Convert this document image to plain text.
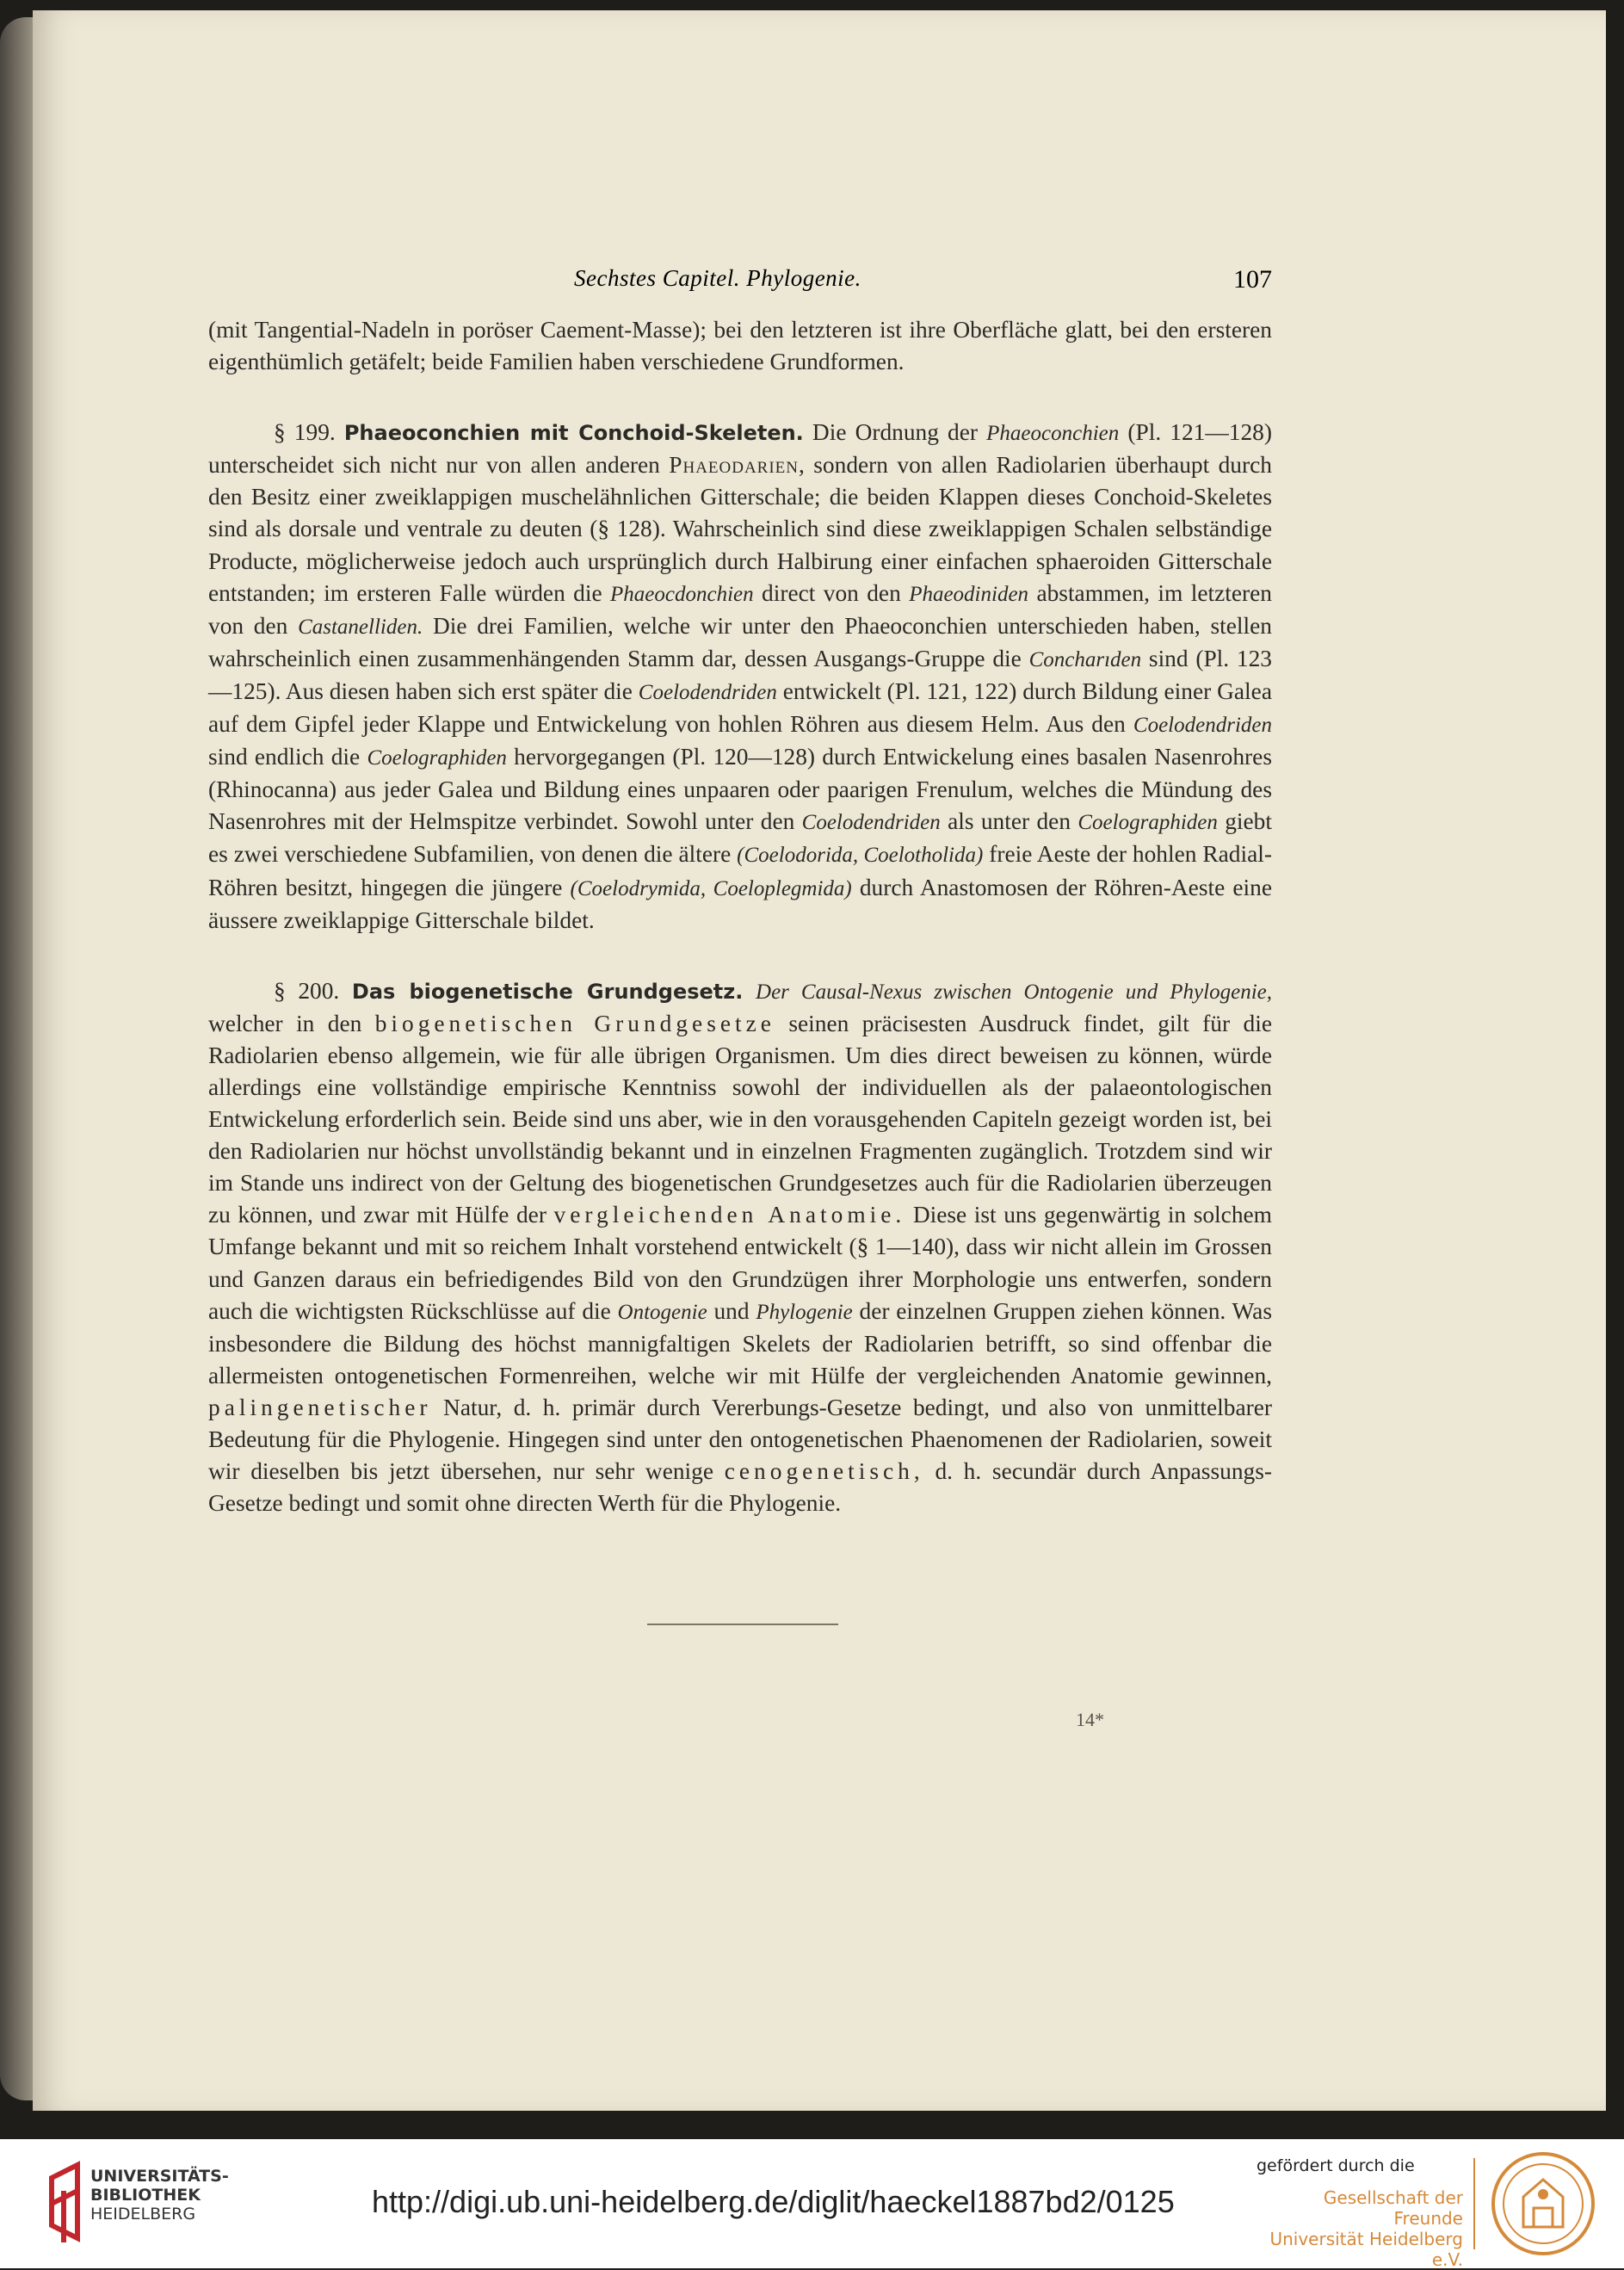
Sechstes Capitel. Phylogenie.	107

(mit Tangential-Nadeln in poröser Caement-Masse); bei den letzteren ist ihre Oberfläche glatt, bei den ersteren eigenthümlich getäfelt; beide Familien haben verschiedene Grundformen.

§ 199. Phaeoconchien mit Conchoid-Skeleten. Die Ordnung der Phaeoconchien (Pl. 121—128) unterscheidet sich nicht nur von allen anderen Phaeodarien, sondern von allen Radiolarien überhaupt durch den Besitz einer zweiklappigen muschelähnlichen Gitterschale; die beiden Klappen dieses Conchoid-Skeletes sind als dorsale und ventrale zu deuten (§ 128). Wahrscheinlich sind diese zweiklappigen Schalen selbständige Producte, möglicherweise jedoch auch ursprünglich durch Halbirung einer einfachen sphaeroiden Gitterschale entstanden; im ersteren Falle würden die Phaeocdonchien direct von den Phaeodiniden abstammen, im letzteren von den Castanelliden. Die drei Familien, welche wir unter den Phaeoconchien unterschieden haben, stellen wahrscheinlich einen zusammenhängenden Stamm dar, dessen Ausgangs-Gruppe die Concharıden sind (Pl. 123—125). Aus diesen haben sich erst später die Coelodendriden entwickelt (Pl. 121, 122) durch Bildung einer Galea auf dem Gipfel jeder Klappe und Entwickelung von hohlen Röhren aus diesem Helm. Aus den Coelodendriden sind endlich die Coelographiden hervorgegangen (Pl. 120—128) durch Entwickelung eines basalen Nasenrohres (Rhinocanna) aus jeder Galea und Bildung eines unpaaren oder paarigen Frenulum, welches die Mündung des Nasenrohres mit der Helmspitze verbindet. Sowohl unter den Coelodendriden als unter den Coelographiden giebt es zwei verschiedene Subfamilien, von denen die ältere (Coelodorida, Coelotholida) freie Aeste der hohlen Radial-Röhren besitzt, hingegen die jüngere (Coelodrymida, Coeloplegmida) durch Anastomosen der Röhren-Aeste eine äussere zweiklappige Gitterschale bildet.

§ 200. Das biogenetische Grundgesetz. Der Causal-Nexus zwischen Ontogenie und Phylogenie, welcher in den biogenetischen Grundgesetze seinen präcisesten Ausdruck findet, gilt für die Radiolarien ebenso allgemein, wie für alle übrigen Organismen. Um dies direct beweisen zu können, würde allerdings eine vollständige empirische Kenntniss sowohl der individuellen als der palaeontologischen Entwickelung erforderlich sein. Beide sind uns aber, wie in den vorausgehenden Capiteln gezeigt worden ist, bei den Radiolarien nur höchst unvollständig bekannt und in einzelnen Fragmenten zugänglich. Trotzdem sind wir im Stande uns indirect von der Geltung des biogenetischen Grundgesetzes auch für die Radiolarien überzeugen zu können, und zwar mit Hülfe der vergleichenden Anatomie. Diese ist uns gegenwärtig in solchem Umfange bekannt und mit so reichem Inhalt vorstehend entwickelt (§ 1—140), dass wir nicht allein im Grossen und Ganzen daraus ein befriedigendes Bild von den Grundzügen ihrer Morphologie uns entwerfen, sondern auch die wichtigsten Rückschlüsse auf die Ontogenie und Phylogenie der einzelnen Gruppen ziehen können. Was insbesondere die Bildung des höchst mannigfaltigen Skelets der Radiolarien betrifft, so sind offenbar die allermeisten ontogenetischen Formenreihen, welche wir mit Hülfe der vergleichenden Anatomie gewinnen, palingenetischer Natur, d. h. primär durch Vererbungs-Gesetze bedingt, und also von unmittelbarer Bedeutung für die Phylogenie. Hingegen sind unter den ontogenetischen Phaenomenen der Radiolarien, soweit wir dieselben bis jetzt übersehen, nur sehr wenige cenogenetisch, d. h. secundär durch Anpassungs-Gesetze bedingt und somit ohne directen Werth für die Phylogenie.

14*
UNIVERSITÄTS-
BIBLIOTHEK
HEIDELBERG	http://digi.ub.uni-heidelberg.de/diglit/haeckel1887bd2/0125
gefördert durch die
Gesellschaft der Freunde
Universität Heidelberg e.V.
